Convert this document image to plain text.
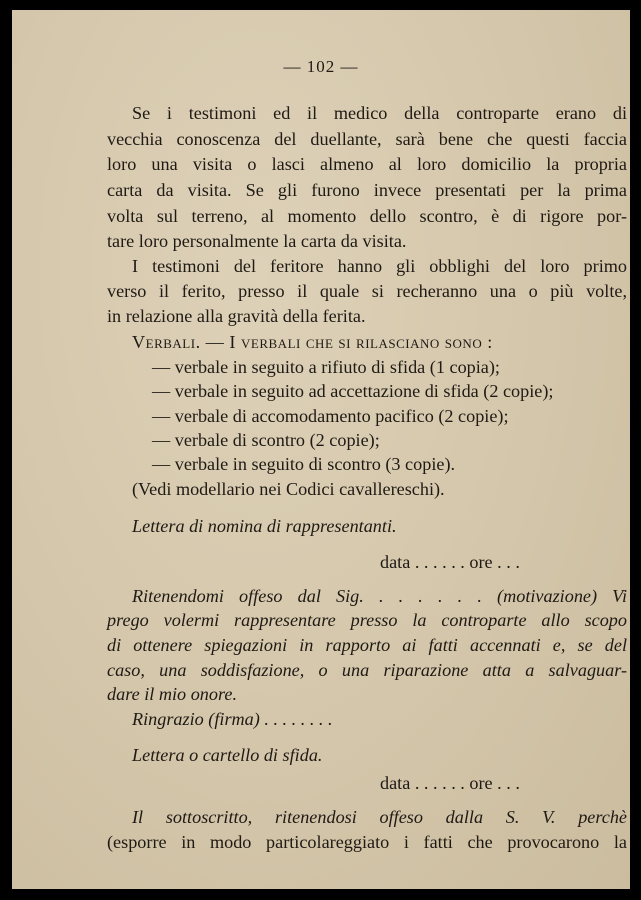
— 102 —
Se i testimoni ed il medico della controparte erano di
vecchia conoscenza del duellante, sarà bene che questi faccia
loro una visita o lasci almeno al loro domicilio la propria
carta da visita. Se gli furono invece presentati per la prima
volta sul terreno, al momento dello scontro, è di rigore por-
tare loro personalmente la carta da visita.
I testimoni del feritore hanno gli obblighi del loro primo
verso il ferito, presso il quale si recheranno una o più volte,
in relazione alla gravità della ferita.
Verbali. — I verbali che si rilasciano sono :
— verbale in seguito a rifiuto di sfida (1 copia);
— verbale in seguito ad accettazione di sfida (2 copie);
— verbale di accomodamento pacifico (2 copie);
— verbale di scontro (2 copie);
— verbale in seguito di scontro (3 copie).
(Vedi modellario nei Codici cavallereschi).
Lettera di nomina di rappresentanti.
data . . . . . . ore . . .
Ritenendomi offeso dal Sig. . . . . . . (motivazione) Vi
prego volermi rappresentare presso la controparte allo scopo
di ottenere spiegazioni in rapporto ai fatti accennati e, se del
caso, una soddisfazione, o una riparazione atta a salvaguar-
dare il mio onore.
Ringrazio (firma) . . . . . . . .
Lettera o cartello di sfida.
data . . . . . . ore . . .
Il sottoscritto, ritenendosi offeso dalla S. V. perchè
(esporre in modo particolareggiato i fatti che provocarono la
